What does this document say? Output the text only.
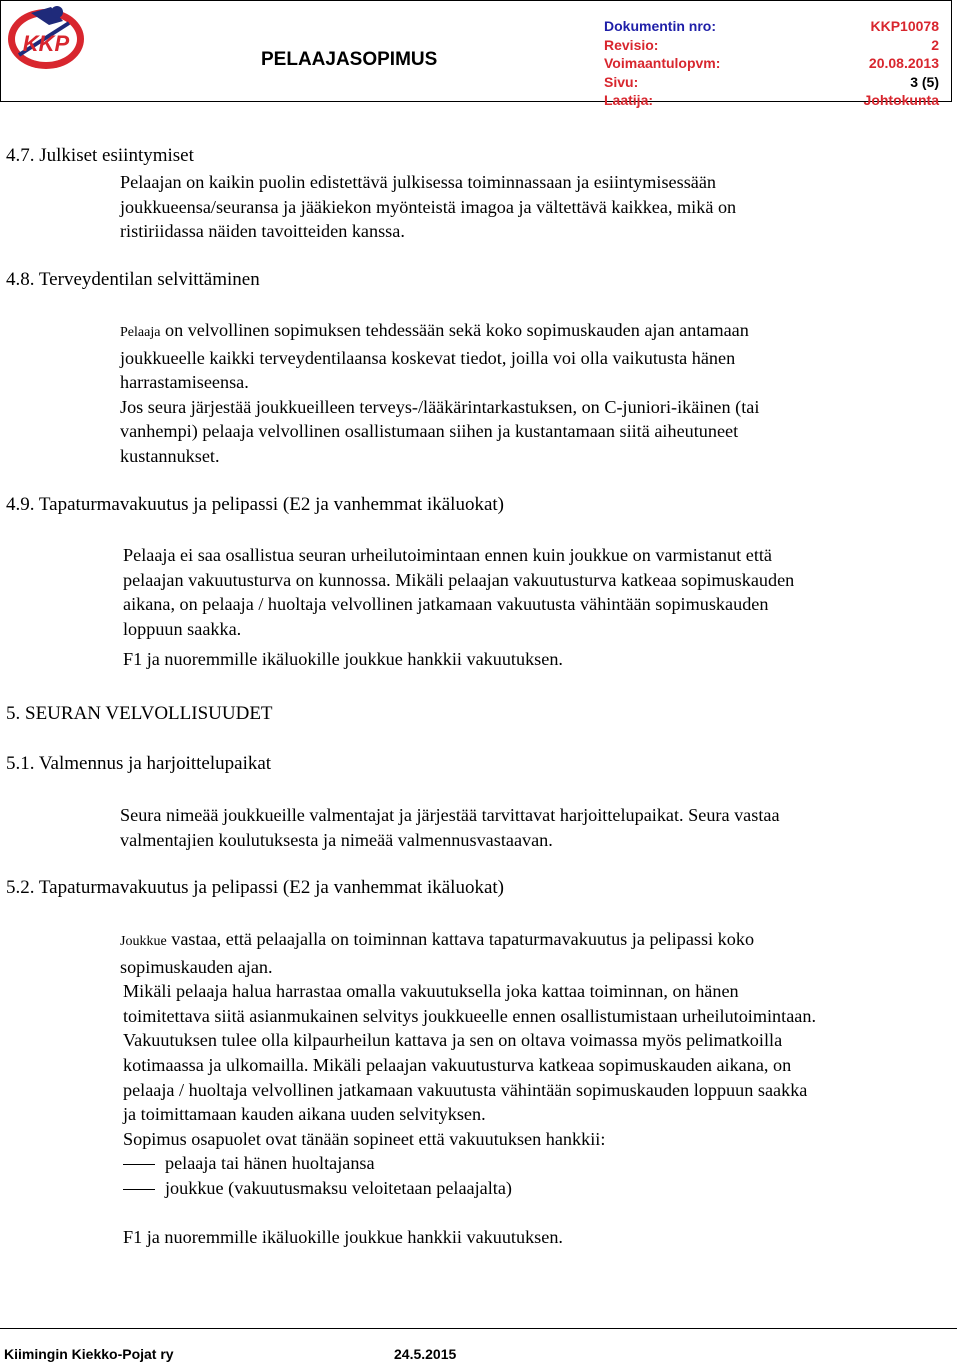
KKP
PELAAJASOPIMUS
Dokumentin nro:
Revisio:
Voimaantulopvm:
Sivu:
Laatija:
KKP10078
2
20.08.2013
3 (5)
Johtokunta
4.7. Julkiset esiintymiset
Pelaajan on kaikin puolin edistettävä julkisessa toiminnassaan ja esiintymisessään
joukkueensa/seuransa ja jääkiekon myönteistä imagoa ja vältettävä kaikkea, mikä on
ristiriidassa näiden tavoitteiden kanssa.
4.8. Terveydentilan selvittäminen
Pelaaja on velvollinen sopimuksen tehdessään sekä koko sopimuskauden ajan antamaan
joukkueelle kaikki terveydentilaansa koskevat tiedot, joilla voi olla vaikutusta hänen
harrastamiseensa.
Jos seura järjestää joukkueilleen terveys-/lääkärintarkastuksen, on C-juniori-ikäinen (tai
vanhempi) pelaaja velvollinen osallistumaan siihen ja kustantamaan siitä aiheutuneet
kustannukset.
4.9. Tapaturmavakuutus ja pelipassi (E2 ja vanhemmat ikäluokat)
Pelaaja ei saa osallistua seuran urheilutoimintaan ennen kuin joukkue on varmistanut että
pelaajan vakuutusturva on kunnossa. Mikäli pelaajan vakuutusturva katkeaa sopimuskauden
aikana, on pelaaja / huoltaja velvollinen jatkamaan vakuutusta vähintään sopimuskauden
loppuun saakka.
F1 ja nuoremmille ikäluokille joukkue hankkii vakuutuksen.
5. SEURAN VELVOLLISUUDET
5.1. Valmennus ja harjoittelupaikat
Seura nimeää joukkueille valmentajat ja järjestää tarvittavat harjoittelupaikat. Seura vastaa
valmentajien koulutuksesta ja nimeää valmennusvastaavan.
5.2. Tapaturmavakuutus ja pelipassi (E2 ja vanhemmat ikäluokat)
Joukkue vastaa, että pelaajalla on toiminnan kattava tapaturmavakuutus ja pelipassi koko
sopimuskauden ajan.
Mikäli pelaaja halua harrastaa omalla vakuutuksella joka kattaa toiminnan, on hänen
toimitettava siitä asianmukainen selvitys joukkueelle ennen osallistumistaan urheilutoimintaan.
Vakuutuksen tulee olla kilpaurheilun kattava ja sen on oltava voimassa myös pelimatkoilla
kotimaassa ja ulkomailla. Mikäli pelaajan vakuutusturva katkeaa sopimuskauden aikana, on
pelaaja / huoltaja velvollinen jatkamaan vakuutusta vähintään sopimuskauden loppuun saakka
ja toimittamaan kauden aikana uuden selvityksen.
Sopimus osapuolet ovat tänään sopineet että vakuutuksen hankkii:
pelaaja tai hänen huoltajansa
joukkue (vakuutusmaksu veloitetaan pelaajalta)
F1 ja nuoremmille ikäluokille joukkue hankkii vakuutuksen.
Kiimingin Kiekko-Pojat ry	24.5.2015
